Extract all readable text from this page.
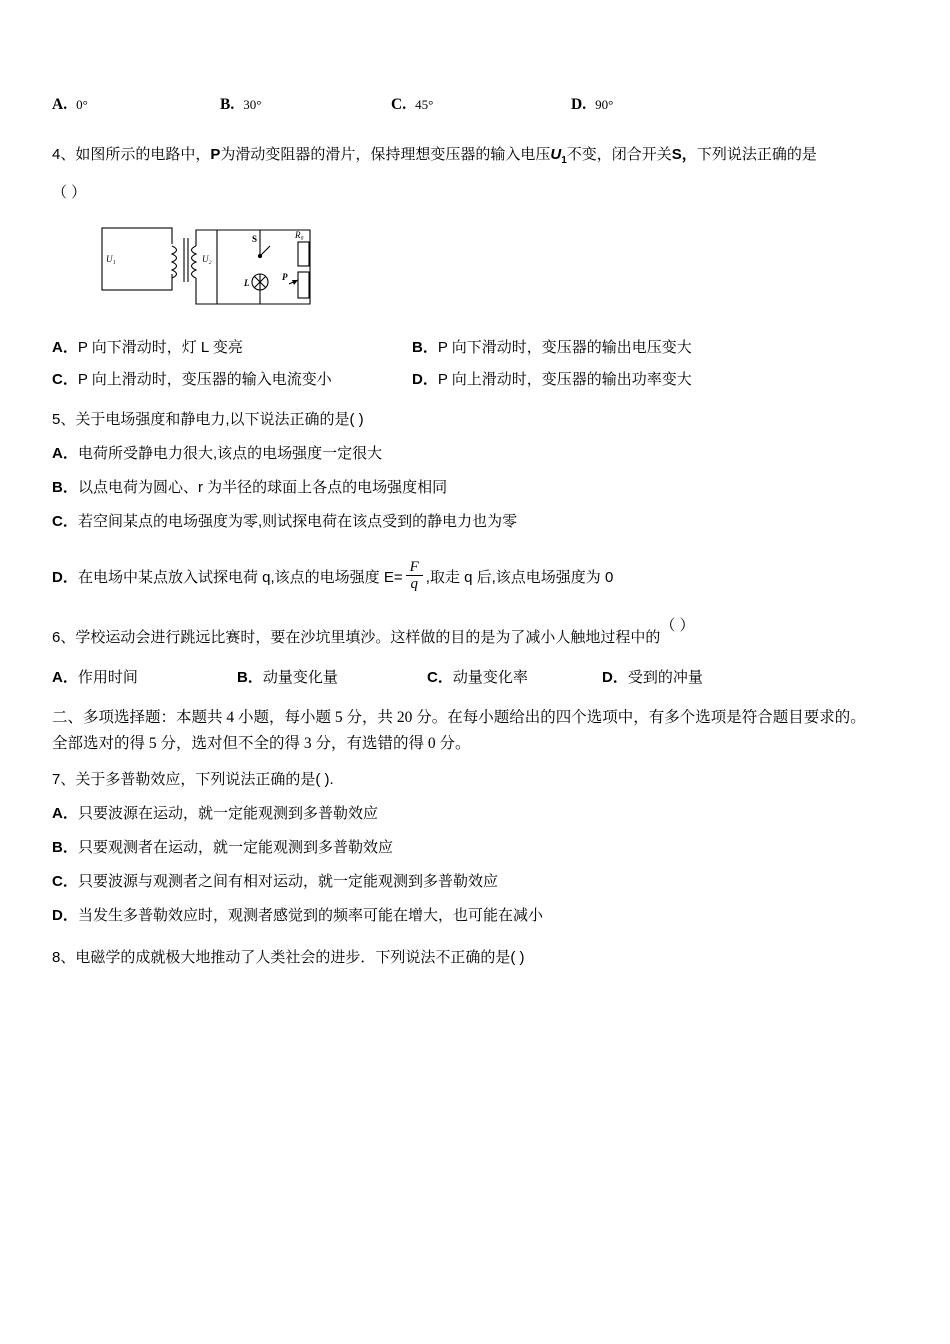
A. 0°	B. 30°	C. 45°	D. 90°
4、如图所示的电路中，P为滑动变阻器的滑片，保持理想变压器的输入电压$U_1$不变，闭合开关S，下列说法正确的是
（ ）
U₁	U₂
S	R₀
L
P
A．P 向下滑动时，灯 L 变亮	B．P 向下滑动时，变压器的输出电压变大
C．P 向上滑动时，变压器的输入电流变小	D．P 向上滑动时，变压器的输出功率变大
5、关于电场强度和静电力,以下说法正确的是( )
A．电荷所受静电力很大,该点的电场强度一定很大
B．以点电荷为圆心、r 为半径的球面上各点的电场强度相同
C．若空间某点的电场强度为零,则试探电荷在该点受到的静电力也为零
D．在电场中某点放入试探电荷 q,该点的电场强度 $E= \frac{F}{q}$ ,取走 q 后,该点电场强度为 0
6、学校运动会进行跳远比赛时，要在沙坑里填沙。这样做的目的是为了减小人触地过程中的（ ）
A．作用时间	B．动量变化量	C．动量变化率	D．受到的冲量
二、多项选择题：本题共 4 小题，每小题 5 分，共 20 分。在每小题给出的四个选项中，有多个选项是符合题目要求的。
全部选对的得 5 分，选对但不全的得 3 分，有选错的得 0 分。
7、关于多普勒效应，下列说法正确的是( ).
A．只要波源在运动，就一定能观测到多普勒效应
B．只要观测者在运动，就一定能观测到多普勒效应
C．只要波源与观测者之间有相对运动，就一定能观测到多普勒效应
D．当发生多普勒效应时，观测者感觉到的频率可能在增大，也可能在减小
8、电磁学的成就极大地推动了人类社会的进步．下列说法不正确的是( )
